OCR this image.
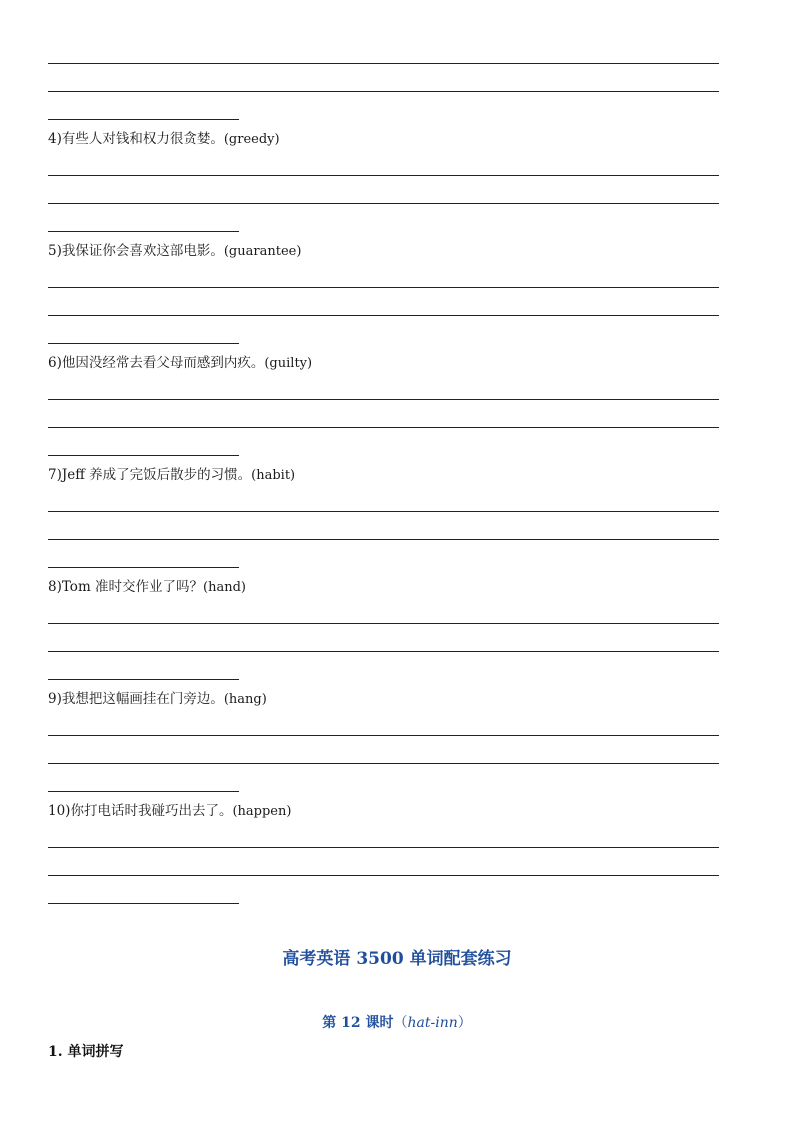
4)有些人对钱和权力很贪婪。(greedy)
5)我保证你会喜欢这部电影。(guarantee)
6)他因没经常去看父母而感到内疚。(guilty)
7)Jeff 养成了完饭后散步的习惯。(habit)
8)Tom 准时交作业了吗？(hand)
9)我想把这幅画挂在门旁边。(hang)
10)你打电话时我碰巧出去了。(happen)
高考英语 3500 单词配套练习
第 12 课时（hat-inn）
1. 单词拼写
